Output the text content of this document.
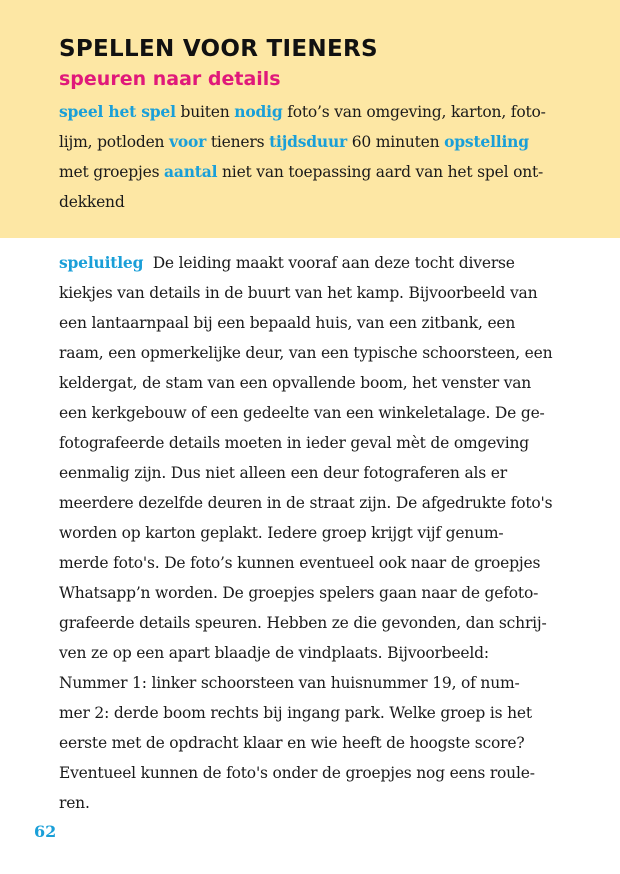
SPELLEN VOOR TIENERS
speuren naar details

speel het spel buiten nodig foto’s van omgeving, karton, foto-
lijm, potloden voor tieners tijdsduur 60 minuten opstelling
met groepjes aantal niet van toepassing aard van het spel ont-
dekkend

speluitleg  De leiding maakt vooraf aan deze tocht diverse
kiekjes van details in de buurt van het kamp. Bijvoorbeeld van
een lantaarnpaal bij een bepaald huis, van een zitbank, een
raam, een opmerkelijke deur, van een typische schoorsteen, een
keldergat, de stam van een opvallende boom, het venster van
een kerkgebouw of een gedeelte van een winkeletalage. De ge-
fotografeerde details moeten in ieder geval mèt de omgeving
eenmalig zijn. Dus niet alleen een deur fotograferen als er
meerdere dezelfde deuren in de straat zijn. De afgedrukte foto's
worden op karton geplakt. Iedere groep krijgt vijf genum-
merde foto's. De foto’s kunnen eventueel ook naar de groepjes
Whatsapp’n worden. De groepjes spelers gaan naar de gefoto-
grafeerde details speuren. Hebben ze die gevonden, dan schrij-
ven ze op een apart blaadje de vindplaats. Bijvoorbeeld:
Nummer 1: linker schoorsteen van huisnummer 19, of num-
mer 2: derde boom rechts bij ingang park. Welke groep is het
eerste met de opdracht klaar en wie heeft de hoogste score?
Eventueel kunnen de foto's onder de groepjes nog eens roule-
ren.
62
